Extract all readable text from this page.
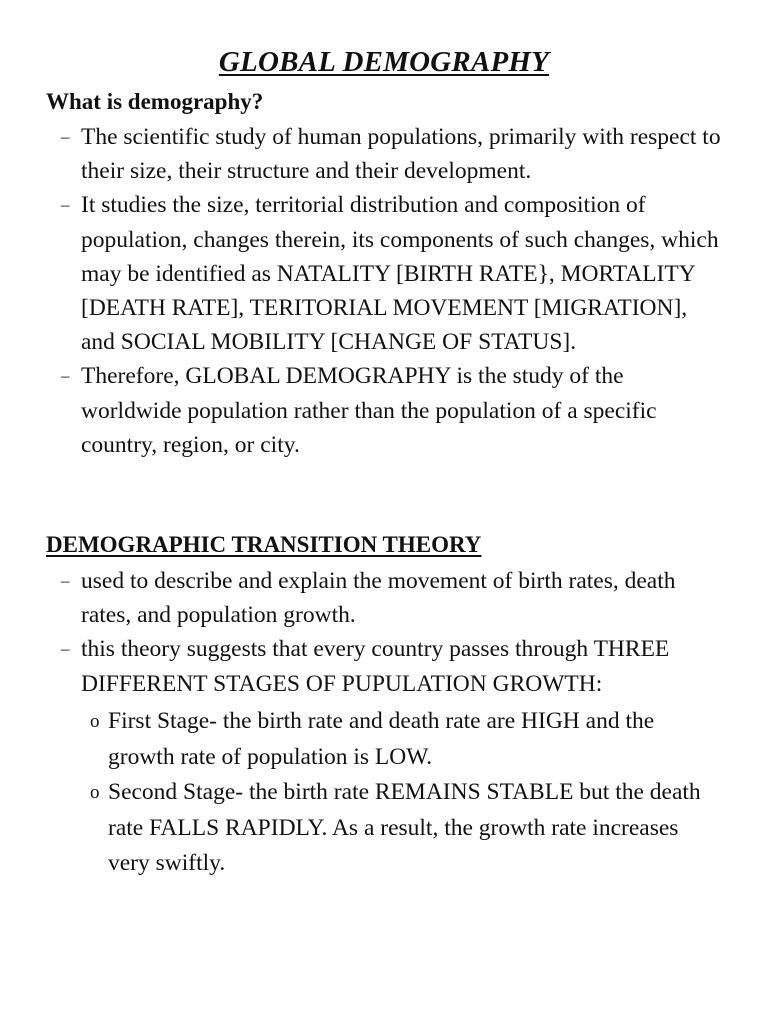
GLOBAL DEMOGRAPHY
What is demography?
– The scientific study of human populations, primarily with respect to their size, their structure and their development.
– It studies the size, territorial distribution and composition of population, changes therein, its components of such changes, which may be identified as NATALITY [BIRTH RATE}, MORTALITY [DEATH RATE], TERITORIAL MOVEMENT [MIGRATION], and SOCIAL MOBILITY [CHANGE OF STATUS].
– Therefore, GLOBAL DEMOGRAPHY is the study of the worldwide population rather than the population of a specific country, region, or city.
DEMOGRAPHIC TRANSITION THEORY
– used to describe and explain the movement of birth rates, death rates, and population growth.
– this theory suggests that every country passes through THREE DIFFERENT STAGES OF PUPULATION GROWTH:
o First Stage- the birth rate and death rate are HIGH and the growth rate of population is LOW.
o Second Stage- the birth rate REMAINS STABLE but the death rate FALLS RAPIDLY. As a result, the growth rate increases very swiftly.
